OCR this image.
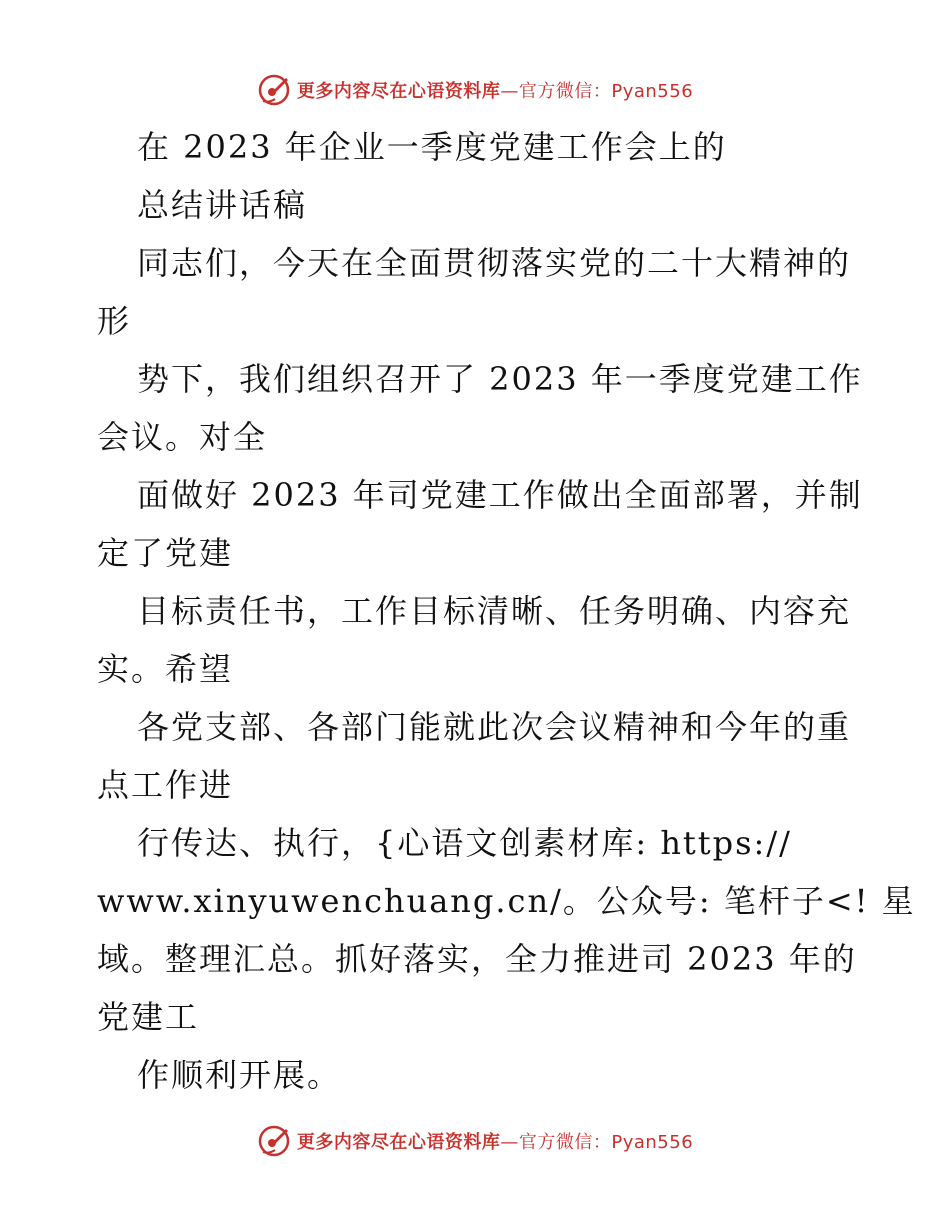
更多内容尽在心语资料库—官方微信：Pyan556
在 2023 年企业一季度党建工作会上的
总结讲话稿
同志们，今天在全面贯彻落实党的二十大精神的
形
势下，我们组织召开了 2023 年一季度党建工作
会议。对全
面做好 2023 年司党建工作做出全面部署，并制
定了党建
目标责任书，工作目标清晰、任务明确、内容充
实。希望
各党支部、各部门能就此次会议精神和今年的重
点工作进
行传达、执行，{心语文创素材库: https://
www.xinyuwenchuang.cn/。公众号: 笔杆子<! 星
域。整理汇总。抓好落实，全力推进司 2023 年的
党建工
作顺利开展。
更多内容尽在心语资料库—官方微信：Pyan556
